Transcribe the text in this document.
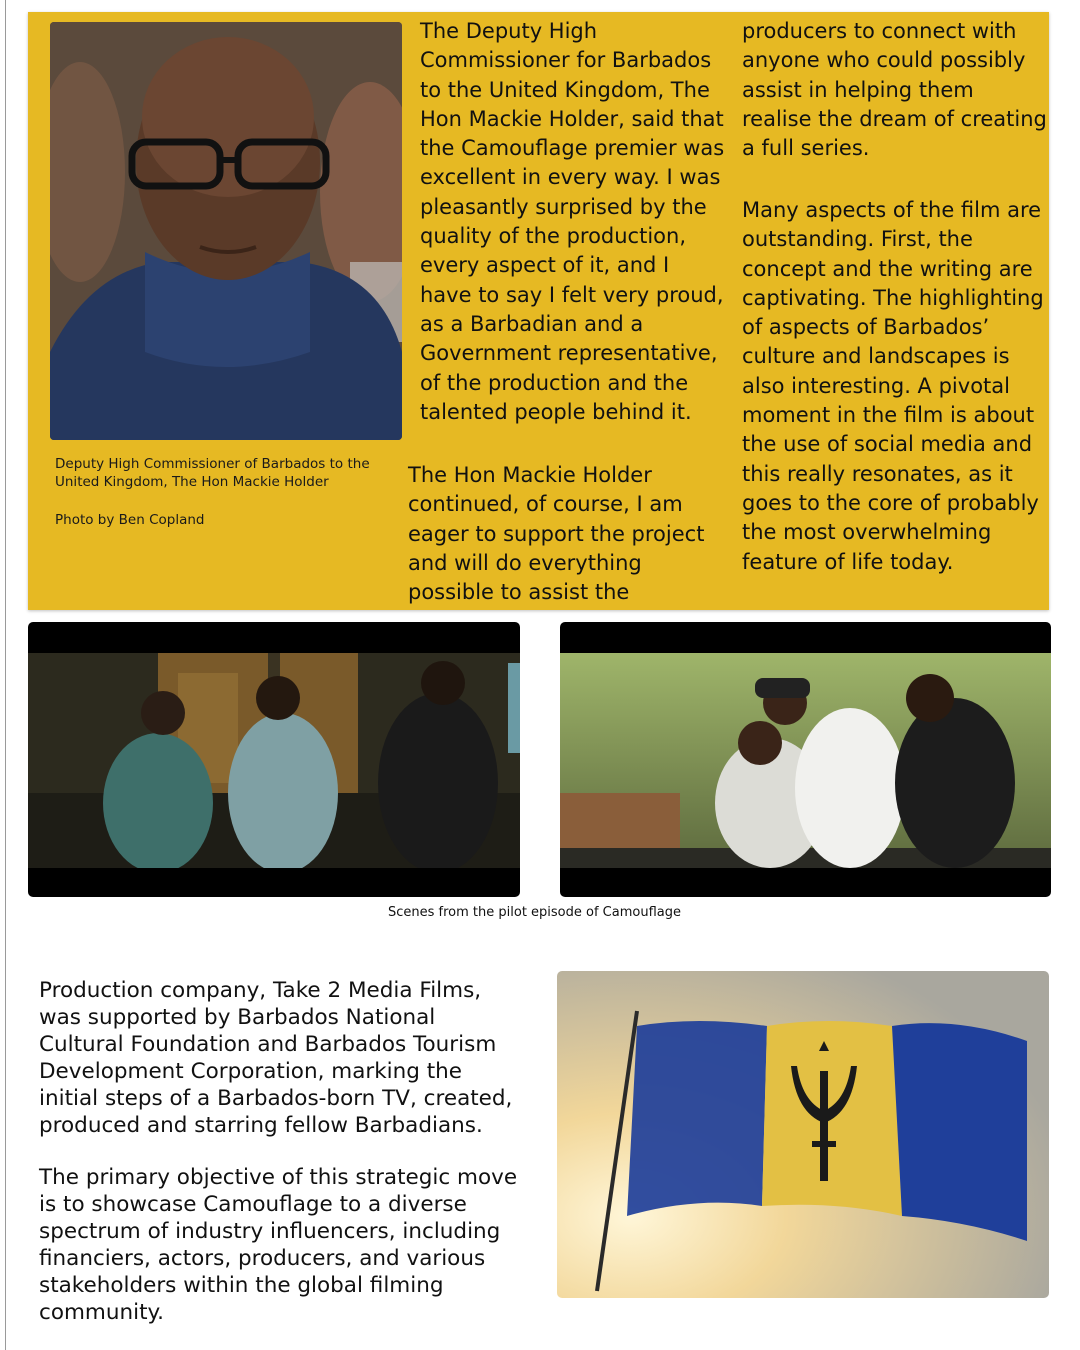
Deputy High Commissioner of Barbados to the United Kingdom, The Hon Mackie Holder
Photo by Ben Copland
The Deputy High Commissioner for Barbados to the United Kingdom, The Hon Mackie Holder, said that the Camouflage premier was excellent in every way. I was pleasantly surprised by the quality of the production, every aspect of it, and I have to say I felt very proud, as a Barbadian and a Government representative, of the production and the talented people behind it.
The Hon Mackie Holder continued, of course, I am eager to support the project and will do everything possible to assist the
producers to connect with anyone who could possibly assist in helping them realise the dream of creating a full series.
Many aspects of the film are outstanding. First, the concept and the writing are captivating. The highlighting of aspects of Barbados’ culture and landscapes is also interesting. A pivotal moment in the film is about the use of social media and this really resonates, as it goes to the core of probably the most overwhelming feature of life today.
Scenes from the pilot episode of Camouflage
Production company, Take 2 Media Films, was supported by Barbados National Cultural Foundation and Barbados Tourism Development Corporation, marking the initial steps of a Barbados-born TV, created, produced and starring fellow Barbadians.
The primary objective of this strategic move is to showcase Camouflage to a diverse spectrum of industry influencers, including financiers, actors, producers, and various stakeholders within the global filming community.
